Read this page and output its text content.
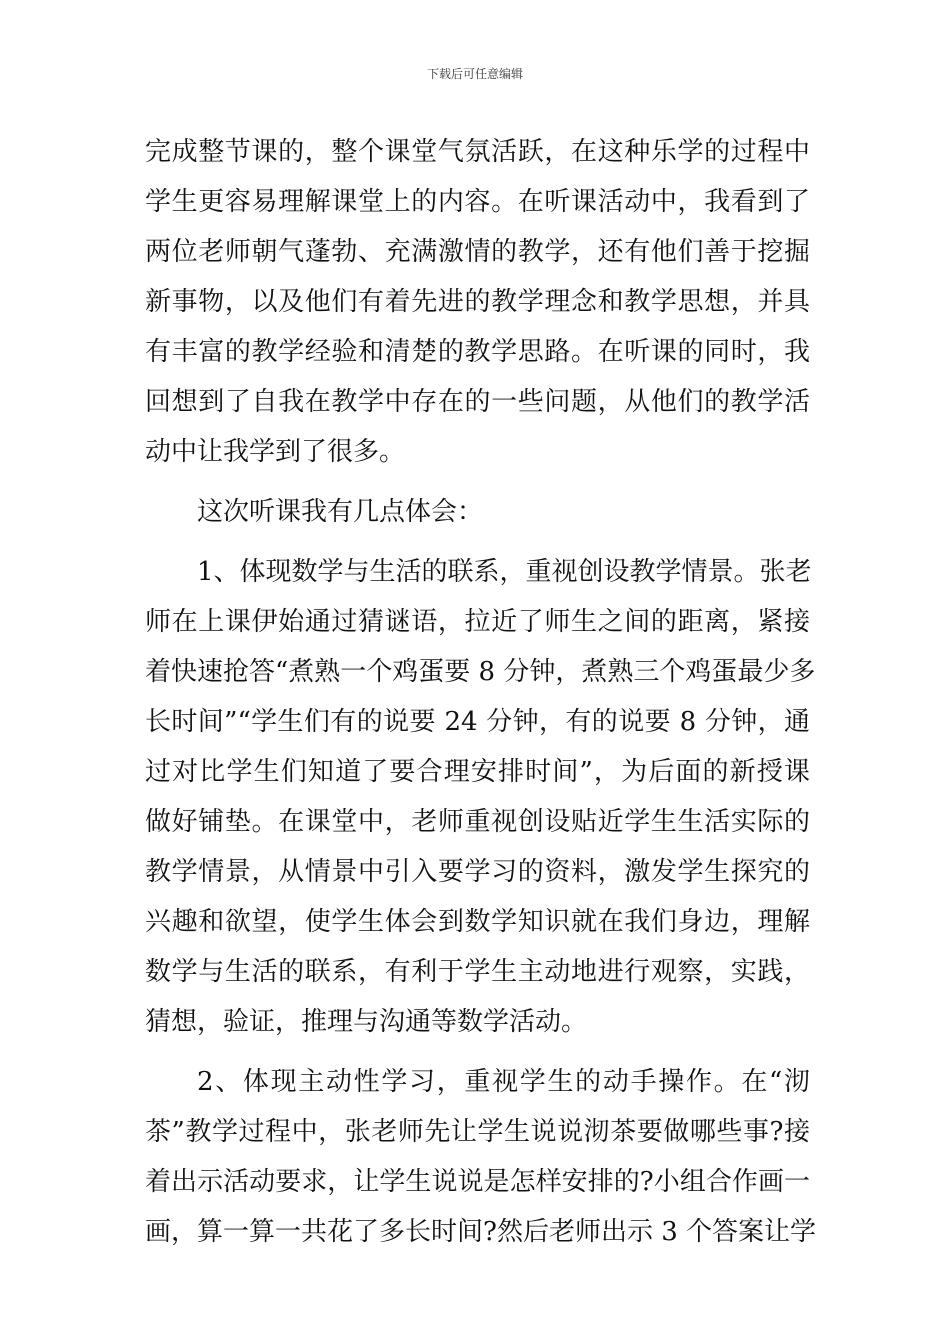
下载后可任意编辑
完成整节课的，整个课堂气氛活跃，在这种乐学的过程中
学生更容易理解课堂上的内容。在听课活动中，我看到了
两位老师朝气蓬勃、充满激情的教学，还有他们善于挖掘
新事物，以及他们有着先进的教学理念和教学思想，并具
有丰富的教学经验和清楚的教学思路。在听课的同时，我
回想到了自我在教学中存在的一些问题，从他们的教学活
动中让我学到了很多。
这次听课我有几点体会：
1、体现数学与生活的联系，重视创设教学情景。张老
师在上课伊始通过猜谜语，拉近了师生之间的距离，紧接
着快速抢答“煮熟一个鸡蛋要 8 分钟，煮熟三个鸡蛋最少多
长时间”“学生们有的说要 24 分钟，有的说要 8 分钟，通
过对比学生们知道了要合理安排时间”，为后面的新授课
做好铺垫。在课堂中，老师重视创设贴近学生生活实际的
教学情景，从情景中引入要学习的资料，激发学生探究的
兴趣和欲望，使学生体会到数学知识就在我们身边，理解
数学与生活的联系，有利于学生主动地进行观察，实践，
猜想，验证，推理与沟通等数学活动。
2、体现主动性学习，重视学生的动手操作。在“沏
茶”教学过程中，张老师先让学生说说沏茶要做哪些事?接
着出示活动要求，让学生说说是怎样安排的?小组合作画一
画，算一算一共花了多长时间?然后老师出示 3 个答案让学
